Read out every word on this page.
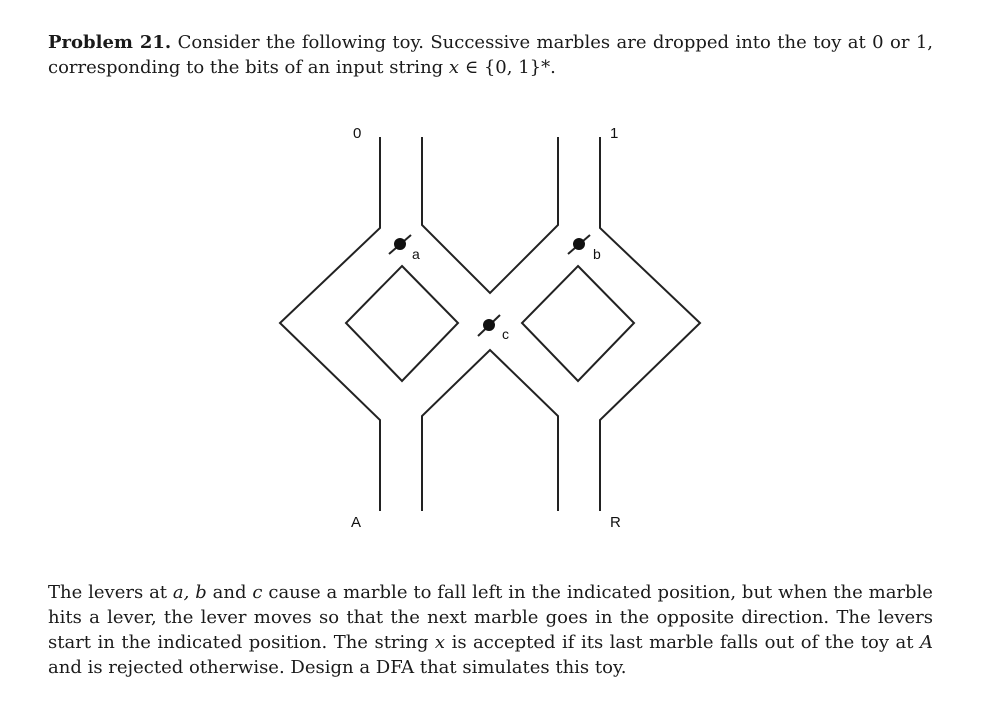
Problem 21. Consider the following toy. Successive marbles are dropped into the toy at 0 or 1, corresponding to the bits of an input string x ∈ {0, 1}*.
0	1
A	R
a	b
c
The levers at a, b and c cause a marble to fall left in the indicated position, but when the marble hits a lever, the lever moves so that the next marble goes in the opposite direction. The levers start in the indicated position. The string x is accepted if its last marble falls out of the toy at A and is rejected otherwise. Design a DFA that simulates this toy.
